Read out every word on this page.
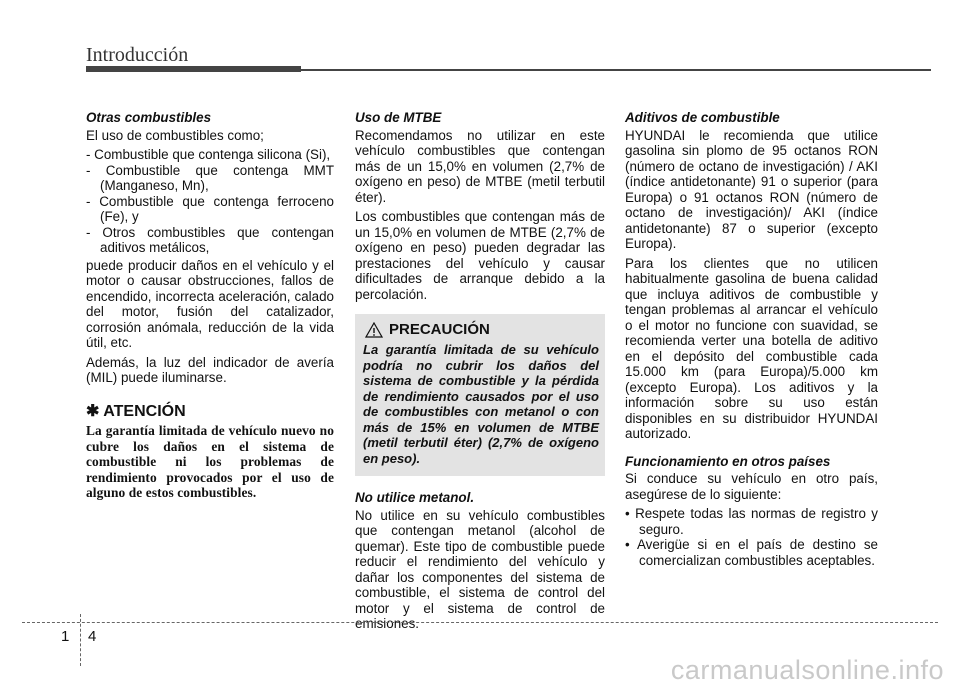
Introducción
Otras combustibles

El uso de combustibles como;

- Combustible que contenga silicona (Si),
- Combustible que contenga MMT (Manganeso, Mn),
- Combustible que contenga ferroceno (Fe), y
- Otros combustibles que contengan aditivos metálicos,

puede producir daños en el vehículo y el motor o causar obstrucciones, fallos de encendido, incorrecta aceleración, calado del motor, fusión del catalizador, corrosión anómala, reducción de la vida útil, etc.

Además, la luz del indicador de avería (MIL) puede iluminarse.

✱ ATENCIÓN
La garantía limitada de vehículo nuevo no cubre los daños en el sistema de combustible ni los problemas de rendimiento provocados por el uso de alguno de estos combustibles.
Uso de MTBE

Recomendamos no utilizar en este vehículo combustibles que contengan más de un 15,0% en volumen (2,7% de oxígeno en peso) de MTBE (metil terbutil éter).

Los combustibles que contengan más de un 15,0% en volumen de MTBE (2,7% de oxígeno en peso) pueden degradar las prestaciones del vehículo y causar dificultades de arranque debido a la percolación.

PRECAUCIÓN
La garantía limitada de su vehículo podría no cubrir los daños del sistema de combustible y la pérdida de rendimiento causados por el uso de combustibles con metanol o con más de 15% en volumen de MTBE (metil terbutil éter) (2,7% de oxígeno en peso).
No utilice metanol.

No utilice en su vehículo combustibles que contengan metanol (alcohol de quemar). Este tipo de combustible puede reducir el rendimiento del vehículo y dañar los componentes del sistema de combustible, el sistema de control del motor y el sistema de control de emisiones.

Aditivos de combustible

HYUNDAI le recomienda que utilice gasolina sin plomo de 95 octanos RON (número de octano de investigación) / AKI (índice antidetonante) 91 o superior (para Europa) o 91 octanos RON (número de octano de investigación)/ AKI (índice antidetonante) 87 o superior (excepto Europa).

Para los clientes que no utilicen habitualmente gasolina de buena calidad que incluya aditivos de combustible y tengan problemas al arrancar el vehículo o el motor no funcione con suavidad, se recomienda verter una botella de aditivo en el depósito del combustible cada 15.000 km (para Europa)/5.000 km (excepto Europa). Los aditivos y la información sobre su uso están disponibles en su distribuidor HYUNDAI autorizado.

Funcionamiento en otros países

Si conduce su vehículo en otro país, asegúrese de lo siguiente:

• Respete todas las normas de registro y seguro.
• Averigüe si en el país de destino se comercializan combustibles aceptables.
1 4
carmanualsonline.info
